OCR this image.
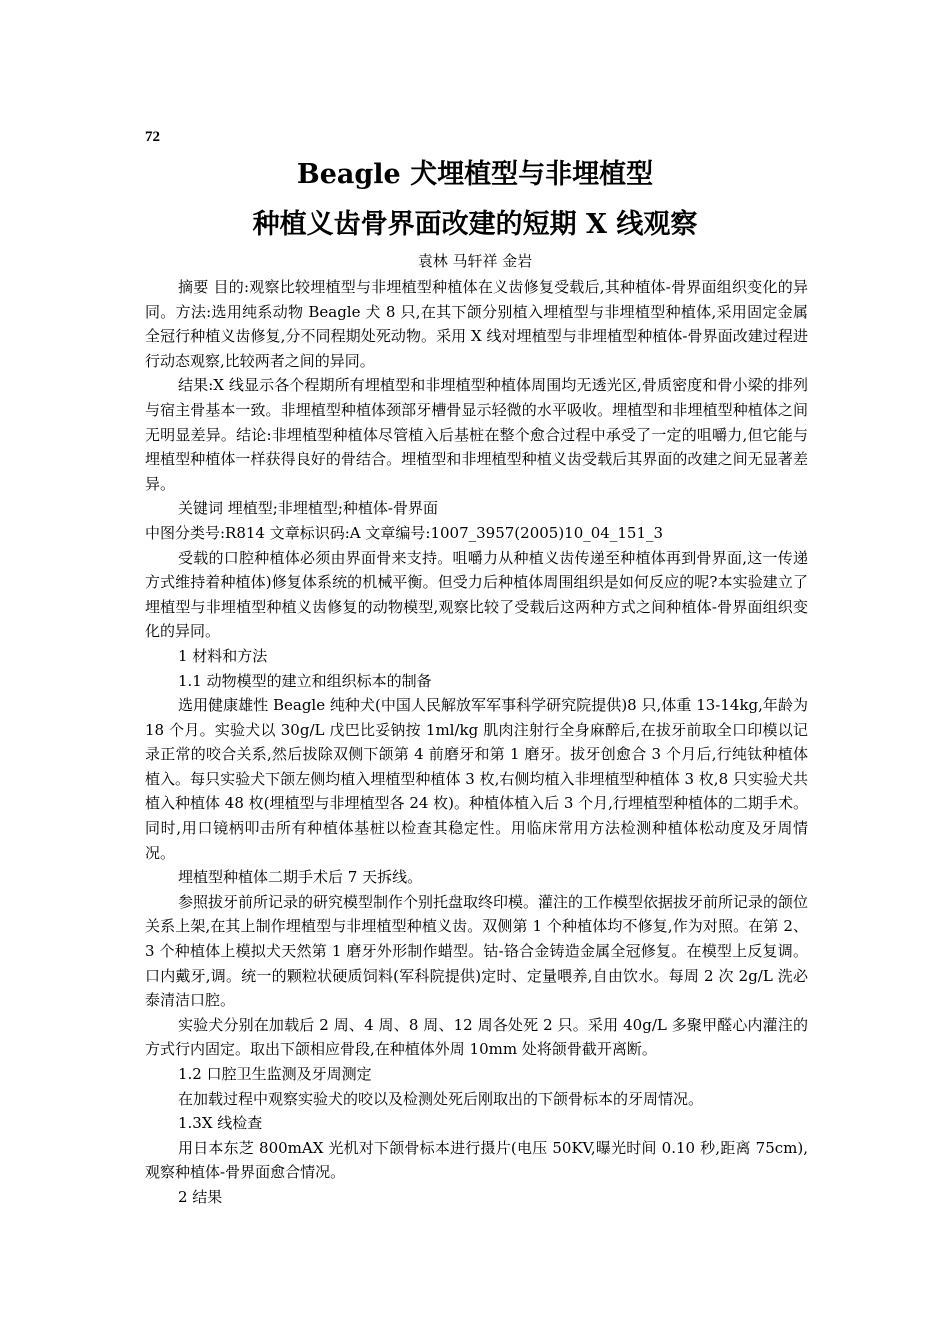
72
Beagle 犬埋植型与非埋植型
种植义齿骨界面改建的短期 X 线观察
袁林 马轩祥 金岩

摘要 目的:观察比较埋植型与非埋植型种植体在义齿修复受载后,其种植体-骨界面组织变化的异同。方法:选用纯系动物 Beagle 犬 8 只,在其下颌分别植入埋植型与非埋植型种植体,采用固定金属全冠行种植义齿修复,分不同程期处死动物。采用 X 线对埋植型与非埋植型种植体-骨界面改建过程进行动态观察,比较两者之间的异同。

结果:X 线显示各个程期所有埋植型和非埋植型种植体周围均无透光区,骨质密度和骨小梁的排列与宿主骨基本一致。非埋植型种植体颈部牙槽骨显示轻微的水平吸收。埋植型和非埋植型种植体之间无明显差异。结论:非埋植型种植体尽管植入后基桩在整个愈合过程中承受了一定的咀嚼力,但它能与埋植型种植体一样获得良好的骨结合。埋植型和非埋植型种植义齿受载后其界面的改建之间无显著差异。

关键词 埋植型;非埋植型;种植体-骨界面

中图分类号:R814 文章标识码:A 文章编号:1007_3957(2005)10_04_151_3

受载的口腔种植体必须由界面骨来支持。咀嚼力从种植义齿传递至种植体再到骨界面,这一传递方式维持着种植体)修复体系统的机械平衡。但受力后种植体周围组织是如何反应的呢?本实验建立了埋植型与非埋植型种植义齿修复的动物模型,观察比较了受载后这两种方式之间种植体-骨界面组织变化的异同。

1 材料和方法

1.1 动物模型的建立和组织标本的制备

选用健康雄性 Beagle 纯种犬(中国人民解放军军事科学研究院提供)8 只,体重 13-14kg,年龄为 18 个月。实验犬以 30g/L 戊巴比妥钠按 1ml/kg 肌肉注射行全身麻醉后,在拔牙前取全口印模以记录正常的咬合关系,然后拔除双侧下颌第 4 前磨牙和第 1 磨牙。拔牙创愈合 3 个月后,行纯钛种植体植入。每只实验犬下颌左侧均植入埋植型种植体 3 枚,右侧均植入非埋植型种植体 3 枚,8 只实验犬共植入种植体 48 枚(埋植型与非埋植型各 24 枚)。种植体植入后 3 个月,行埋植型种植体的二期手术。同时,用口镜柄叩击所有种植体基桩以检查其稳定性。用临床常用方法检测种植体松动度及牙周情况。

埋植型种植体二期手术后 7 天拆线。

参照拔牙前所记录的研究模型制作个别托盘取终印模。灌注的工作模型依据拔牙前所记录的颌位关系上架,在其上制作埋植型与非埋植型种植义齿。双侧第 1 个种植体均不修复,作为对照。在第 2、3 个种植体上模拟犬天然第 1 磨牙外形制作蜡型。钴-铬合金铸造金属全冠修复。在模型上反复调。口内戴牙,调。统一的颗粒状硬质饲料(军科院提供)定时、定量喂养,自由饮水。每周 2 次 2g/L 洗必泰清洁口腔。

实验犬分别在加载后 2 周、4 周、8 周、12 周各处死 2 只。采用 40g/L 多聚甲醛心内灌注的方式行内固定。取出下颌相应骨段,在种植体外周 10mm 处将颌骨截开离断。

1.2 口腔卫生监测及牙周测定

在加载过程中观察实验犬的咬以及检测处死后刚取出的下颌骨标本的牙周情况。

1.3X 线检查

用日本东芝 800mAX 光机对下颌骨标本进行摄片(电压 50KV,曝光时间 0.10 秒,距离 75cm),观察种植体-骨界面愈合情况。

2 结果
